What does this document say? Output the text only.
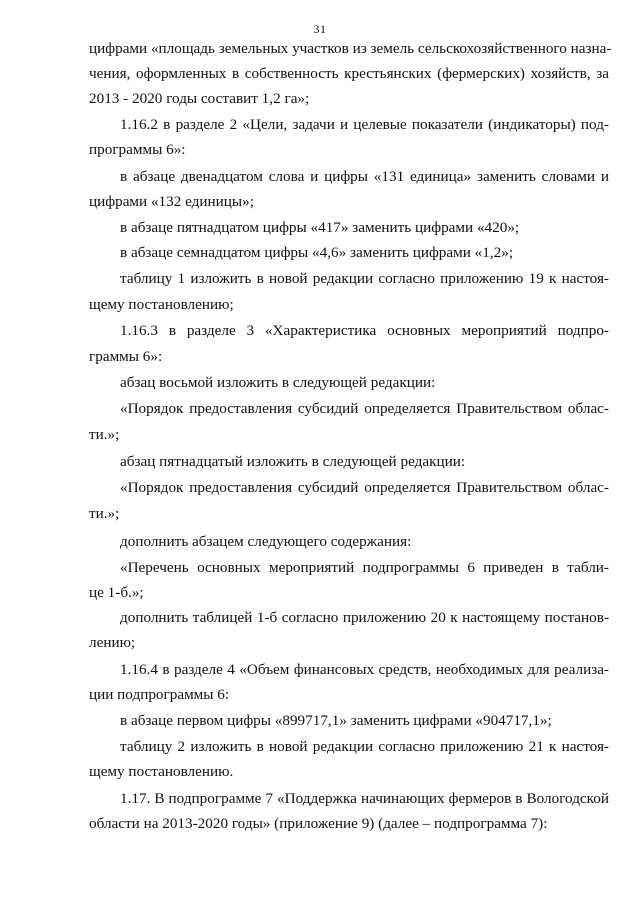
31
цифрами «площадь земельных участков из земель сельскохозяйственного назна-
чения, оформленных в собственность крестьянских (фермерских) хозяйств, за
2013 - 2020 годы составит 1,2 га»;
1.16.2 в разделе 2 «Цели, задачи и целевые показатели (индикаторы) под-
программы 6»:
в абзаце двенадцатом слова и цифры «131 единица» заменить словами и
цифрами «132 единицы»;
в абзаце пятнадцатом цифры «417» заменить цифрами «420»;
в абзаце семнадцатом цифры «4,6» заменить цифрами «1,2»;
таблицу 1 изложить в новой редакции согласно приложению 19 к настоя-
щему постановлению;
1.16.3 в разделе 3 «Характеристика основных мероприятий подпро-
граммы 6»:
абзац восьмой изложить в следующей редакции:
«Порядок предоставления субсидий определяется Правительством облас-
ти.»;
абзац пятнадцатый изложить в следующей редакции:
«Порядок предоставления субсидий определяется Правительством облас-
ти.»;
дополнить абзацем следующего содержания:
«Перечень основных мероприятий подпрограммы 6 приведен в табли-
це 1-б.»;
дополнить таблицей 1-б согласно приложению 20 к настоящему постанов-
лению;
1.16.4 в разделе 4 «Объем финансовых средств, необходимых для реализа-
ции подпрограммы 6:
в абзаце первом цифры «899717,1» заменить цифрами «904717,1»;
таблицу 2 изложить в новой редакции согласно приложению 21 к настоя-
щему постановлению.
1.17. В подпрограмме 7 «Поддержка начинающих фермеров в Вологодской
области на 2013-2020 годы» (приложение 9) (далее – подпрограмма 7):
